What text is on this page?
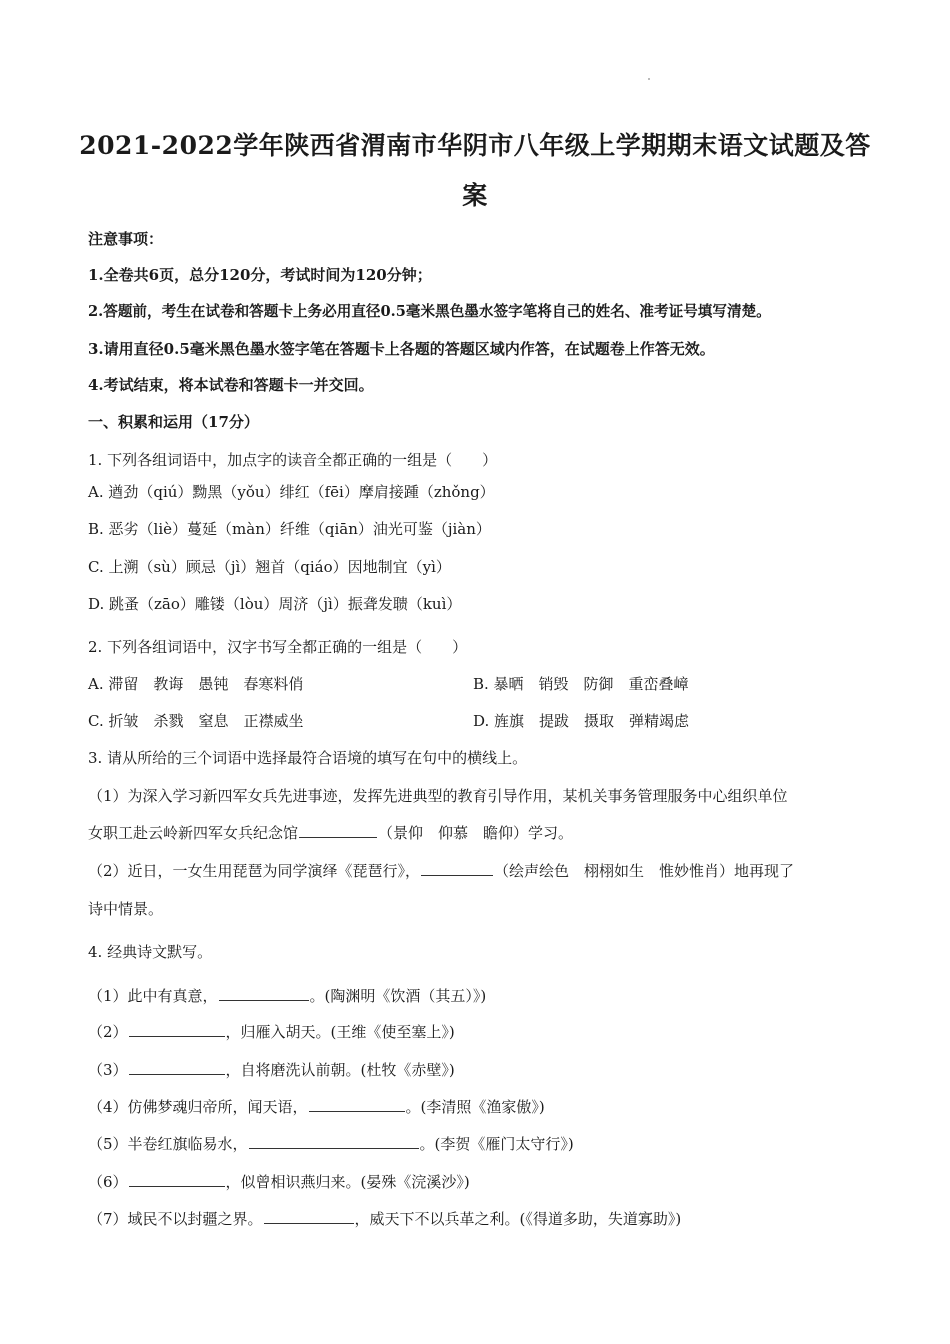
2021-2022学年陕西省渭南市华阴市八年级上学期期末语文试题及答
案
注意事项：
1.全卷共6页，总分120分，考试时间为120分钟；
2.答题前，考生在试卷和答题卡上务必用直径0.5毫米黑色墨水签字笔将自己的姓名、准考证号填写清楚。
3.请用直径0.5毫米黑色墨水签字笔在答题卡上各题的答题区域内作答，在试题卷上作答无效。
4.考试结束，将本试卷和答题卡一并交回。
一、积累和运用（17分）
1. 下列各组词语中，加点字的读音全都正确的一组是（　　）
A. 遒劲（qiú）黝黑（yǒu）绯红（fēi）摩肩接踵（zhǒng）
B. 恶劣（liè）蔓延（màn）纤维（qiān）油光可鉴（jiàn）
C. 上溯（sù）顾忌（jì）翘首（qiáo）因地制宜（yì）
D. 跳蚤（zāo）雕镂（lòu）周济（jì）振聋发聩（kuì）
2. 下列各组词语中，汉字书写全都正确的一组是（　　）
A. 滞留　教诲　愚钝　春寒料俏	B. 暴晒　销毁　防御　重峦叠嶂
C. 折皱　杀戮　窒息　正襟威坐	D. 旌旗　提跋　摄取　弹精竭虑
3. 请从所给的三个词语中选择最符合语境的填写在句中的横线上。
（1）为深入学习新四军女兵先进事迹，发挥先进典型的教育引导作用，某机关事务管理服务中心组织单位
女职工赴云岭新四军女兵纪念馆	（景仰　仰慕　瞻仰）学习。
（2）近日，一女生用琵琶为同学演绎《琵琶行》，	（绘声绘色　栩栩如生　惟妙惟肖）地再现了
诗中情景。
4. 经典诗文默写。
（1）此中有真意，	。(陶渊明《饮酒（其五）》)
（2）	，归雁入胡天。(王维《使至塞上》)
（3）	，自将磨洗认前朝。(杜牧《赤壁》)
（4）仿佛梦魂归帝所，闻天语，	。(李清照《渔家傲》)
（5）半卷红旗临易水，	。(李贺《雁门太守行》)
（6）	，似曾相识燕归来。(晏殊《浣溪沙》)
（7）域民不以封疆之界。	，威天下不以兵革之利。(《得道多助，失道寡助》)
